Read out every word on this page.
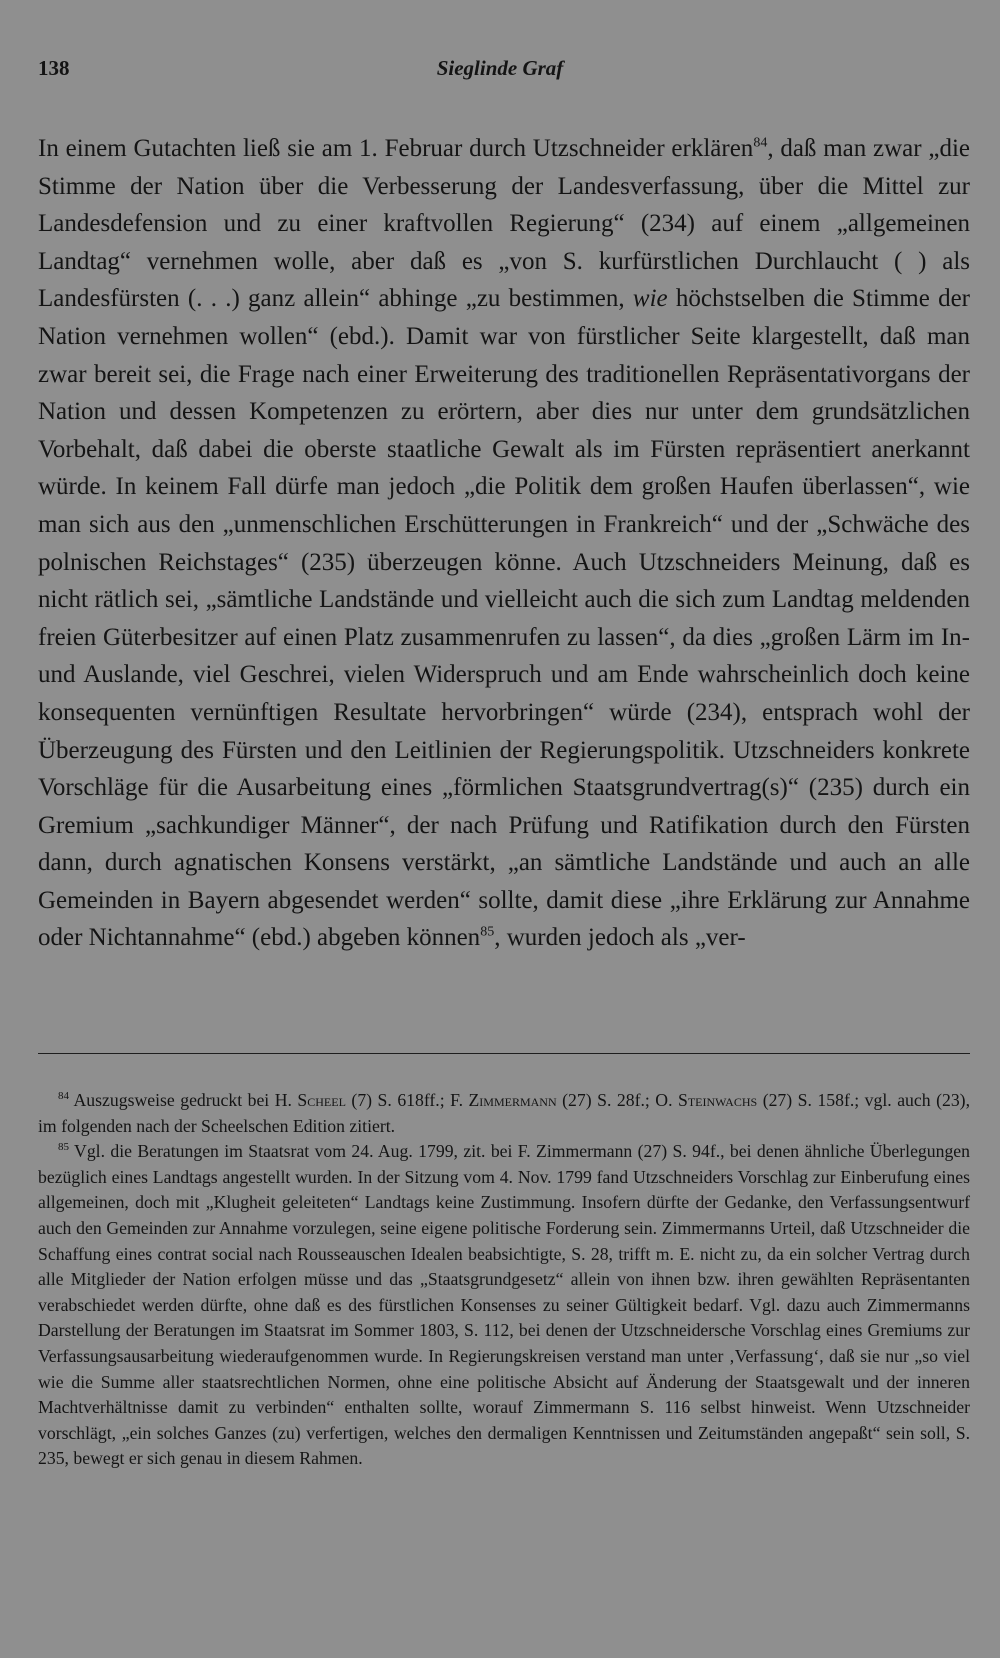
138	Sieglinde Graf

In einem Gutachten ließ sie am 1. Februar durch Utzschneider erklären$^{84}$, daß man zwar „die Stimme der Nation über die Verbesserung der Landesverfassung, über die Mittel zur Landesdefension und zu einer kraftvollen Regierung“ (234) auf einem „allgemeinen Landtag“ vernehmen wolle, aber daß es „von S. kurfürstlichen Durchlaucht ( ) als Landesfürsten (. . .) ganz allein“ abhinge „zu bestimmen, wie höchstselben die Stimme der Nation vernehmen wollen“ (ebd.). Damit war von fürstlicher Seite klargestellt, daß man zwar bereit sei, die Frage nach einer Erweiterung des traditionellen Repräsentativorgans der Nation und dessen Kompetenzen zu erörtern, aber dies nur unter dem grundsätzlichen Vorbehalt, daß dabei die oberste staatliche Gewalt als im Fürsten repräsentiert anerkannt würde. In keinem Fall dürfe man jedoch „die Politik dem großen Haufen überlassen“, wie man sich aus den „unmenschlichen Erschütterungen in Frankreich“ und der „Schwäche des polnischen Reichstages“ (235) überzeugen könne. Auch Utzschneiders Meinung, daß es nicht rätlich sei, „sämtliche Landstände und vielleicht auch die sich zum Landtag meldenden freien Güterbesitzer auf einen Platz zusammenrufen zu lassen“, da dies „großen Lärm im In- und Auslande, viel Geschrei, vielen Widerspruch und am Ende wahrscheinlich doch keine konsequenten vernünftigen Resultate hervorbringen“ würde (234), entsprach wohl der Überzeugung des Fürsten und den Leitlinien der Regierungspolitik. Utzschneiders konkrete Vorschläge für die Ausarbeitung eines „förmlichen Staatsgrundvertrag(s)“ (235) durch ein Gremium „sachkundiger Männer“, der nach Prüfung und Ratifikation durch den Fürsten dann, durch agnatischen Konsens verstärkt, „an sämtliche Landstände und auch an alle Gemeinden in Bayern abgesendet werden“ sollte, damit diese „ihre Erklärung zur Annahme oder Nichtannahme“ (ebd.) abgeben können$^{85}$, wurden jedoch als „ver-

$^{84}$ Auszugsweise gedruckt bei H. Scheel (7) S. 618ff.; F. Zimmermann (27) S. 28f.; O. Steinwachs (27) S. 158f.; vgl. auch (23), im folgenden nach der Scheelschen Edition zitiert.

$^{85}$ Vgl. die Beratungen im Staatsrat vom 24. Aug. 1799, zit. bei F. Zimmermann (27) S. 94f., bei denen ähnliche Überlegungen bezüglich eines Landtags angestellt wurden. In der Sitzung vom 4. Nov. 1799 fand Utzschneiders Vorschlag zur Einberufung eines allgemeinen, doch mit „Klugheit geleiteten“ Landtags keine Zustimmung. Insofern dürfte der Gedanke, den Verfassungsentwurf auch den Gemeinden zur Annahme vorzulegen, seine eigene politische Forderung sein. Zimmermanns Urteil, daß Utzschneider die Schaffung eines contrat social nach Rousseauschen Idealen beabsichtigte, S. 28, trifft m. E. nicht zu, da ein solcher Vertrag durch alle Mitglieder der Nation erfolgen müsse und das „Staatsgrundgesetz“ allein von ihnen bzw. ihren gewählten Repräsentanten verabschiedet werden dürfte, ohne daß es des fürstlichen Konsenses zu seiner Gültigkeit bedarf. Vgl. dazu auch Zimmermanns Darstellung der Beratungen im Staatsrat im Sommer 1803, S. 112, bei denen der Utzschneidersche Vorschlag eines Gremiums zur Verfassungsausarbeitung wiederaufgenommen wurde. In Regierungskreisen verstand man unter ‚Verfassung‘, daß sie nur „so viel wie die Summe aller staatsrechtlichen Normen, ohne eine politische Absicht auf Änderung der Staatsgewalt und der inneren Machtverhältnisse damit zu verbinden“ enthalten sollte, worauf Zimmermann S. 116 selbst hinweist. Wenn Utzschneider vorschlägt, „ein solches Ganzes (zu) verfertigen, welches den dermaligen Kenntnissen und Zeitumständen angepaßt“ sein soll, S. 235, bewegt er sich genau in diesem Rahmen.
